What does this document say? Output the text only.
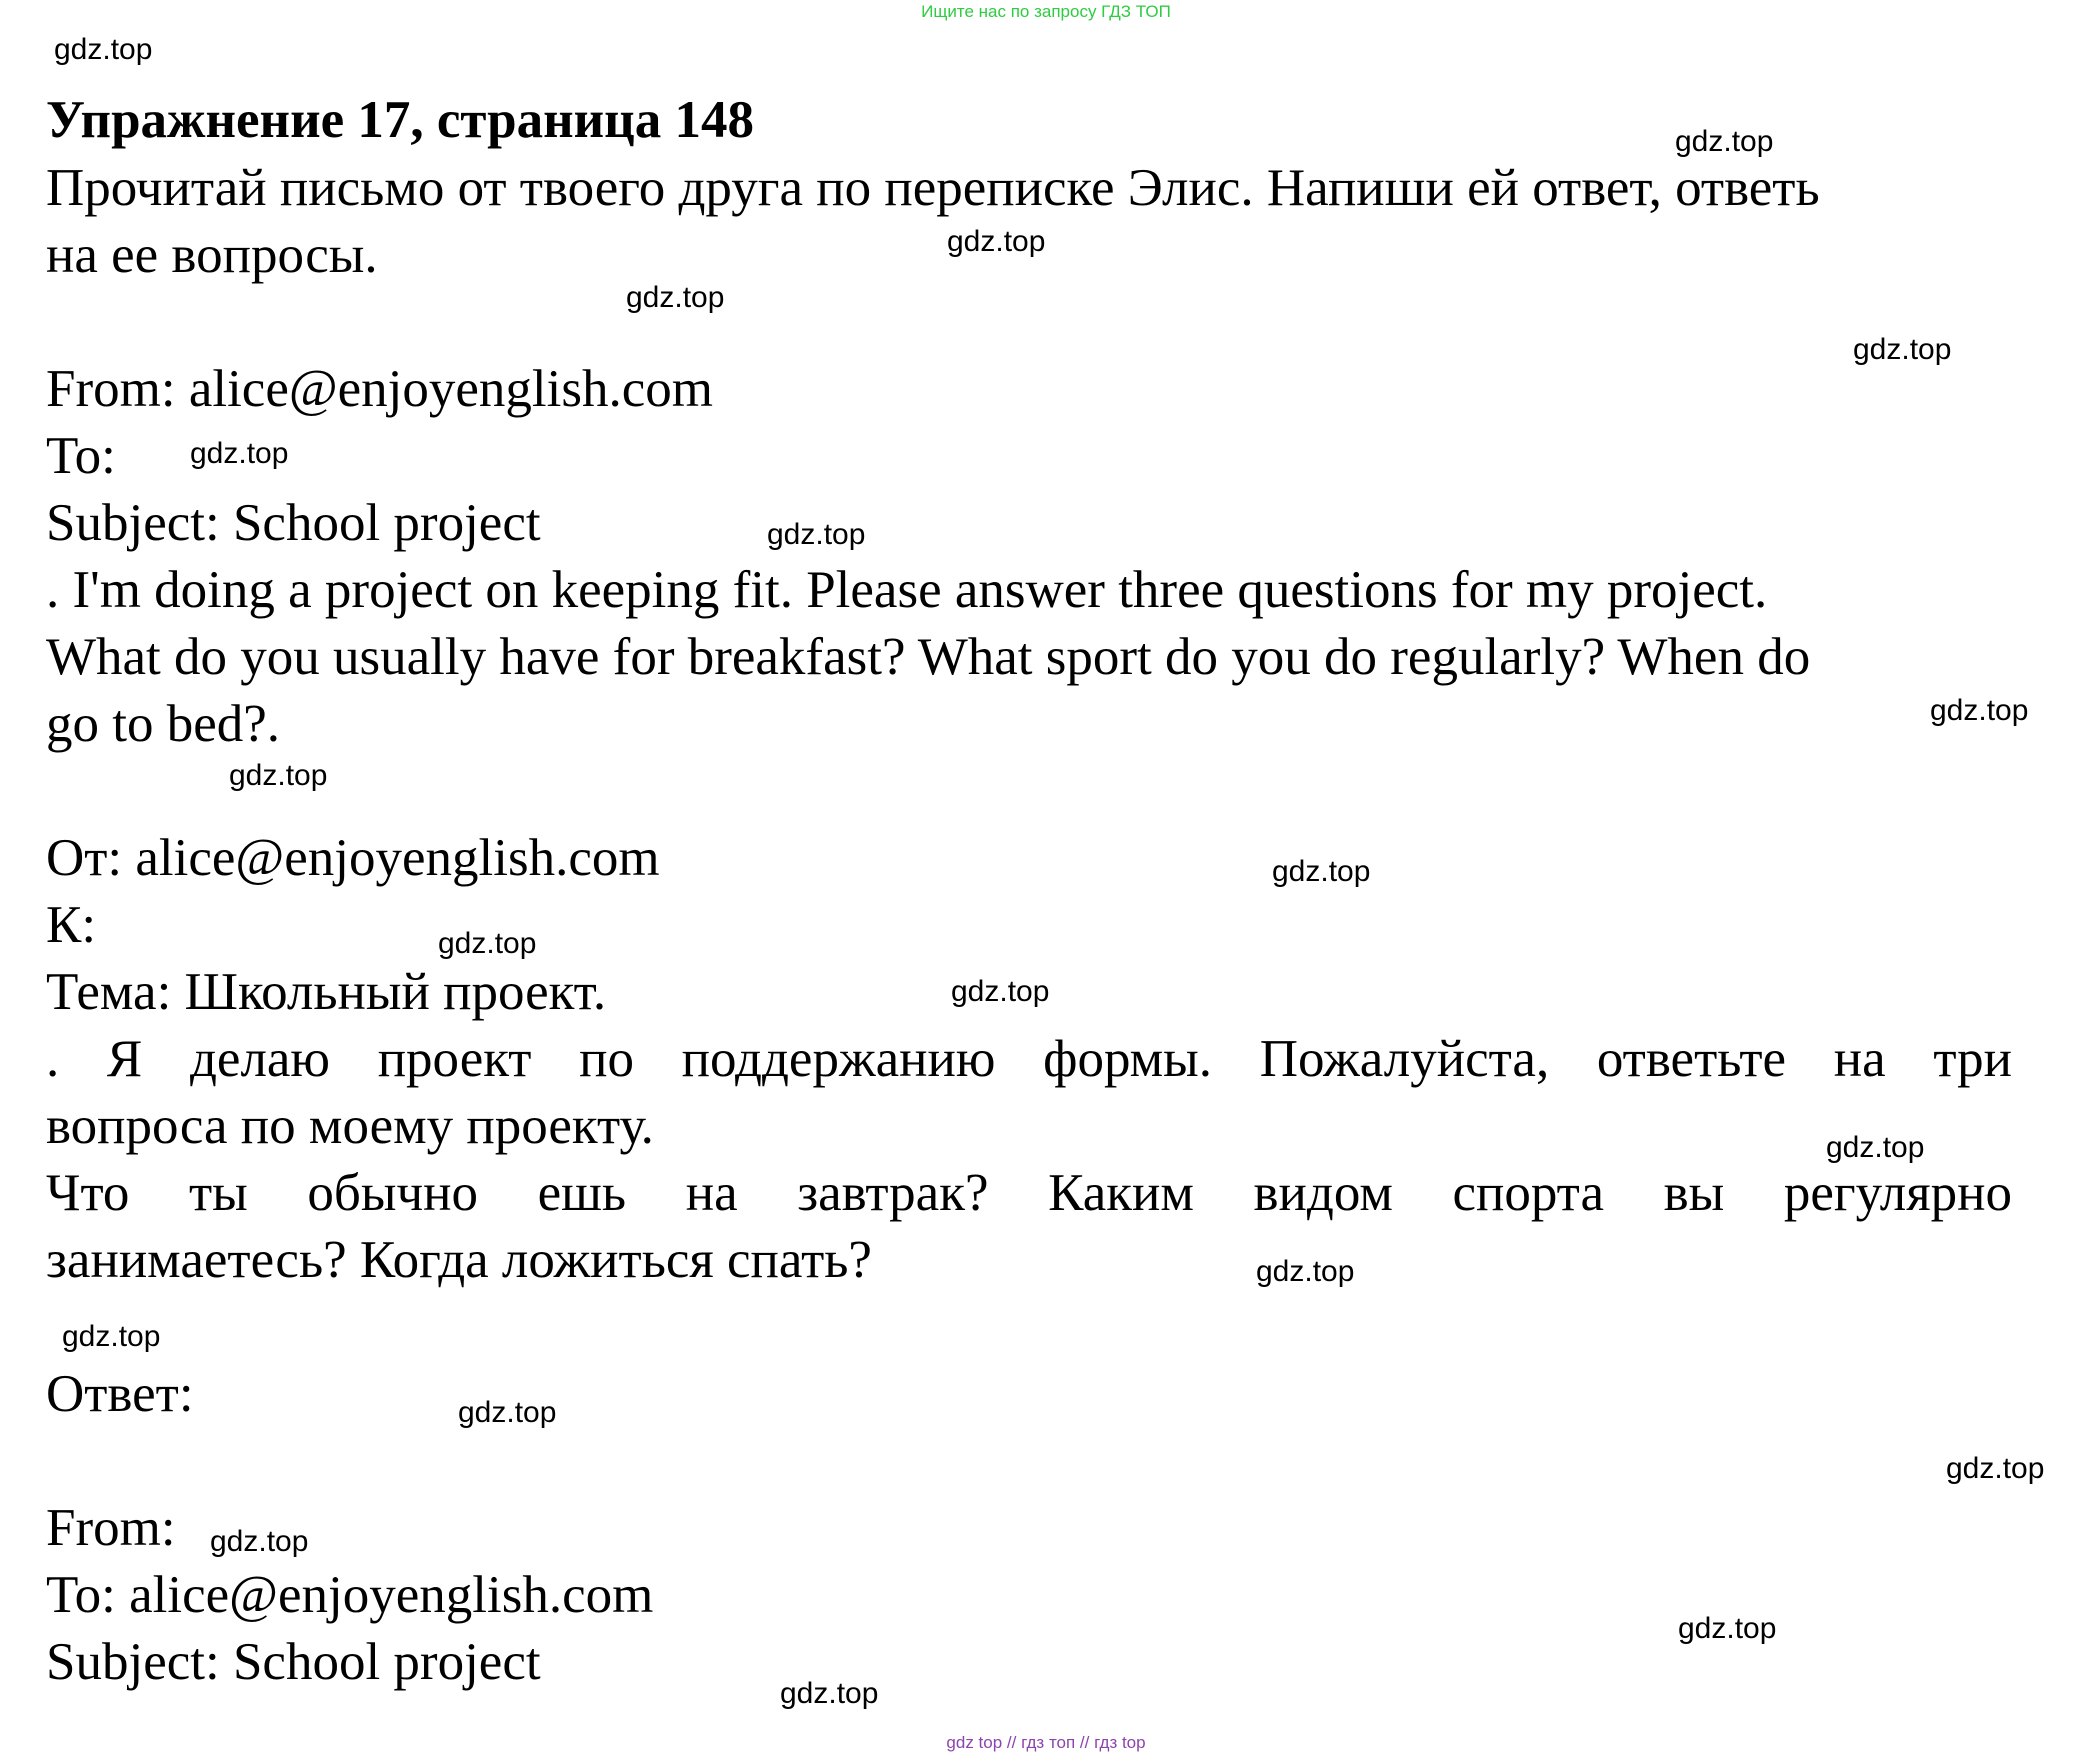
Ищите нас по запросу ГДЗ ТОП
Упражнение 17, страница 148
Прочитай письмо от твоего друга по переписке Элис. Напиши ей ответ, ответь
на ее вопросы.
From: alice@enjoyenglish.com
To:
Subject: School project
. I'm doing a project on keeping fit. Please answer three questions for my project.
What do you usually have for breakfast? What sport do you do regularly? When do
go to bed?.
От: alice@enjoyenglish.com
К:
Тема: Школьный проект.
. Я делаю проект по поддержанию формы. Пожалуйста, ответьте на три
вопроса по моему проекту.
Что ты обычно ешь на завтрак? Каким видом спорта вы регулярно
занимаетесь? Когда ложиться спать?
Ответ:
From:
To: alice@enjoyenglish.com
Subject: School project
gdz.top
gdz.top
gdz.top
gdz.top
gdz.top
gdz.top
gdz.top
gdz.top
gdz.top
gdz.top
gdz.top
gdz.top
gdz.top
gdz.top
gdz.top
gdz.top
gdz.top
gdz.top
gdz.top
gdz.top
gdz top // гдз топ // гдз top
